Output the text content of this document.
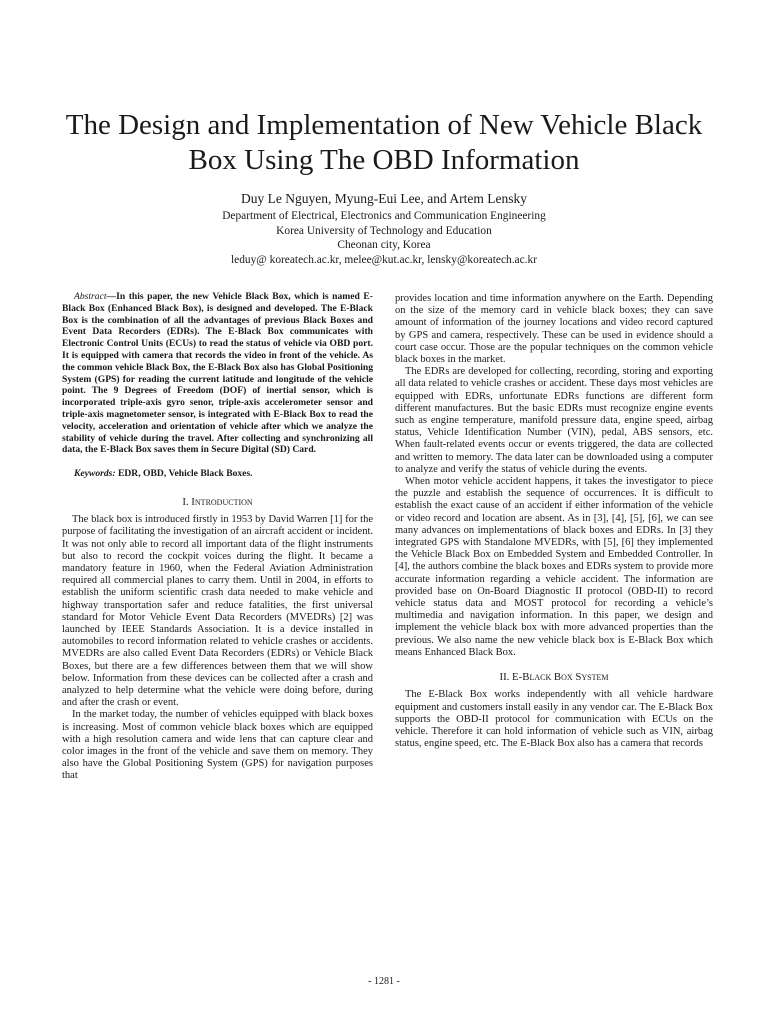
The Design and Implementation of New Vehicle Black Box Using The OBD Information
Duy Le Nguyen, Myung-Eui Lee, and Artem Lensky
Department of Electrical, Electronics and Communication Engineering
Korea University of Technology and Education
Cheonan city, Korea
leduy@ koreatech.ac.kr, melee@kut.ac.kr, lensky@koreatech.ac.kr

Abstract—In this paper, the new Vehicle Black Box, which is named E-Black Box (Enhanced Black Box), is designed and developed. The E-Black Box is the combination of all the advantages of previous Black Boxes and Event Data Recorders (EDRs). The E-Black Box communicates with Electronic Control Units (ECUs) to read the status of vehicle via OBD port. It is equipped with camera that records the video in front of the vehicle. As the common vehicle Black Box, the E-Black Box also has Global Positioning System (GPS) for reading the current latitude and longitude of the vehicle point. The 9 Degrees of Freedom (DOF) of inertial sensor, which is incorporated triple-axis gyro senor, triple-axis accelerometer sensor and triple-axis magnetometer sensor, is integrated with E-Black Box to read the velocity, acceleration and orientation of vehicle after which we analyze the stability of vehicle during the travel. After collecting and synchronizing all data, the E-Black Box saves them in Secure Digital (SD) Card.

Keywords: EDR, OBD, Vehicle Black Boxes.

I. Introduction

The black box is introduced firstly in 1953 by David Warren [1] for the purpose of facilitating the investigation of an aircraft accident or incident. It was not only able to record all important data of the flight instruments but also to record the cockpit voices during the flight. It became a mandatory feature in 1960, when the Federal Aviation Administration required all commercial planes to carry them. Until in 2004, in efforts to establish the uniform scientific crash data needed to make vehicle and highway transportation safer and reduce fatalities, the first universal standard for Motor Vehicle Event Data Recorders (MVEDRs) [2] was launched by IEEE Standards Association. It is a device installed in automobiles to record information related to vehicle crashes or accidents. MVEDRs are also called Event Data Recorders (EDRs) or Vehicle Black Boxes, but there are a few differences between them that we will show below. Information from these devices can be collected after a crash and analyzed to help determine what the vehicle were doing before, during and after the crash or event.

In the market today, the number of vehicles equipped with black boxes is increasing. Most of common vehicle black boxes which are equipped with a high resolution camera and wide lens that can capture clear and color images in the front of the vehicle and save them on memory. They also have the Global Positioning System (GPS) for navigation purposes that

provides location and time information anywhere on the Earth. Depending on the size of the memory card in vehicle black boxes; they can save amount of information of the journey locations and video record captured by GPS and camera, respectively. These can be used in evidence should a court case occur. Those are the popular techniques on the common vehicle black boxes in the market.

The EDRs are developed for collecting, recording, storing and exporting all data related to vehicle crashes or accident. These days most vehicles are equipped with EDRs, unfortunate EDRs functions are different form different manufactures. But the basic EDRs must recognize engine events such as engine temperature, manifold pressure data, engine speed, airbag status, Vehicle Identification Number (VIN), pedal, ABS sensors, etc. When fault-related events occur or events triggered, the data are collected and written to memory. The data later can be downloaded using a computer to analyze and verify the status of vehicle during the events.

When motor vehicle accident happens, it takes the investigator to piece the puzzle and establish the sequence of occurrences. It is difficult to establish the exact cause of an accident if either information of the vehicle or video record and location are absent. As in [3], [4], [5], [6], we can see many advances on implementations of black boxes and EDRs. In [3] they integrated GPS with Standalone MVEDRs, with [5], [6] they implemented the Vehicle Black Box on Embedded System and Embedded Controller. In [4], the authors combine the black boxes and EDRs system to provide more accurate information regarding a vehicle accident. The information are provided base on On-Board Diagnostic II protocol (OBD-II) to record vehicle status data and MOST protocol for recording a vehicle’s multimedia and navigation information. In this paper, we design and implement the vehicle black box with more advanced properties than the previous. We also name the new vehicle black box is E-Black Box which means Enhanced Black Box.

II. E-Black Box System

The E-Black Box works independently with all vehicle hardware equipment and customers install easily in any vendor car. The E-Black Box supports the OBD-II protocol for communication with ECUs on the vehicle. Therefore it can hold information of vehicle such as VIN, airbag status, engine speed, etc. The E-Black Box also has a camera that records

- 1281 -
